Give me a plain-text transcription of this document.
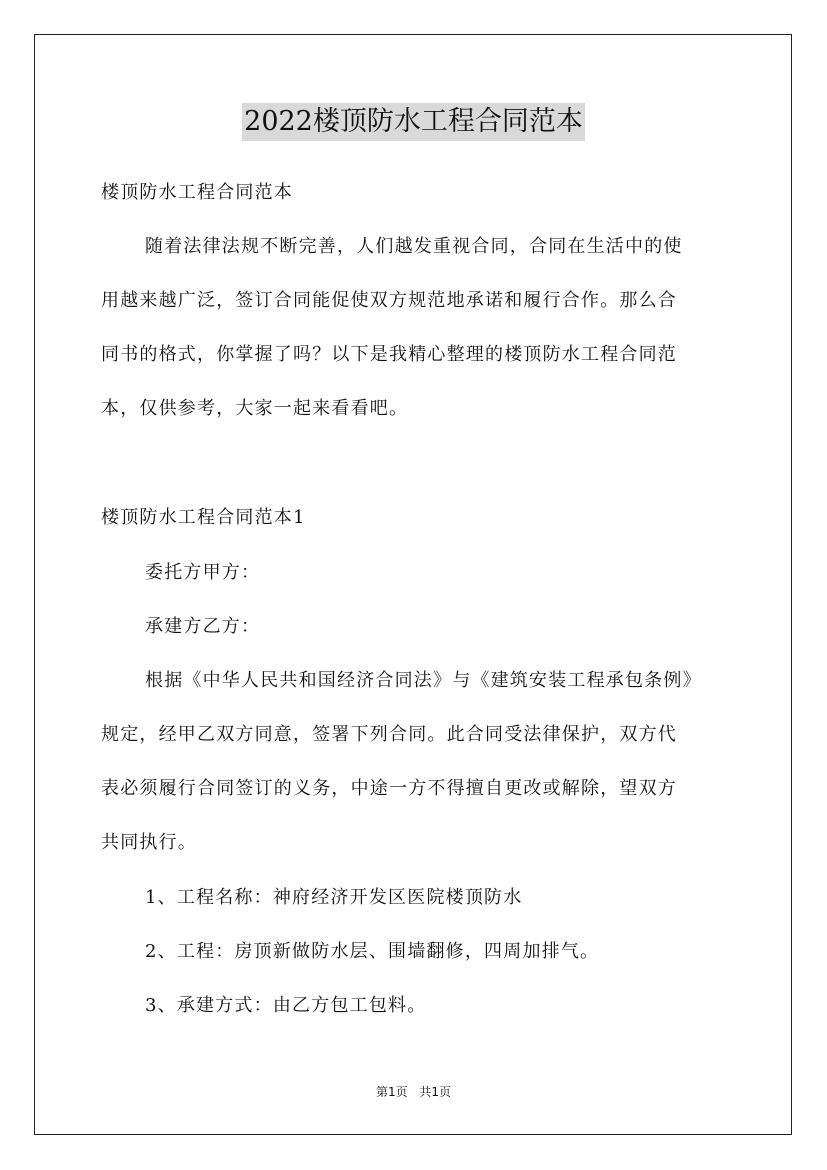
2022楼顶防水工程合同范本
楼顶防水工程合同范本
随着法律法规不断完善，人们越发重视合同，合同在生活中的使
用越来越广泛，签订合同能促使双方规范地承诺和履行合作。那么合
同书的格式，你掌握了吗？以下是我精心整理的楼顶防水工程合同范
本，仅供参考，大家一起来看看吧。
楼顶防水工程合同范本1
委托方甲方：
承建方乙方：
根据《中华人民共和国经济合同法》与《建筑安装工程承包条例》
规定，经甲乙双方同意，签署下列合同。此合同受法律保护，双方代
表必须履行合同签订的义务，中途一方不得擅自更改或解除，望双方
共同执行。
1、工程名称：神府经济开发区医院楼顶防水
2、工程：房顶新做防水层、围墙翻修，四周加排气。
3、承建方式：由乙方包工包料。
第1页 共1页
